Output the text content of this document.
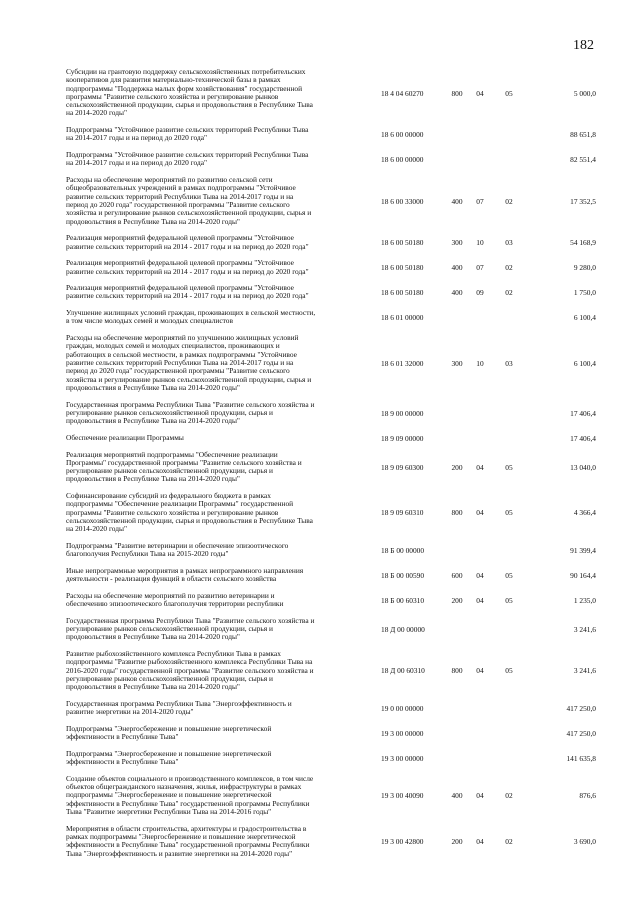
182
Субсидии на грантовую поддержку сельскохозяйственных потребительских
кооперативов для развития материально-технической базы в рамках
подпрограммы "Поддержка малых форм хозяйствования" государственной
программы "Развитие сельского хозяйства и регулирование рынков
сельскохозяйственной продукции, сырья и продовольствия в Республике Тыва
на 2014-2020 годы"
18 4 04 60270	800	04	05	5 000,0
Подпрограмма "Устойчивое развитие сельских территорий Республики Тыва
на 2014-2017 годы и на период до 2020 года"	18 6 00 00000	88 651,8
Подпрограмма "Устойчивое развитие сельских территорий Республики Тыва
на 2014-2017 годы и на период до 2020 года"	18 6 00 00000	82 551,4
Расходы на обеспечение мероприятий по развитию сельской сети
общеобразовательных учреждений в рамках подпрограммы "Устойчивое
развитие сельских территорий Республики Тыва на 2014-2017 годы и на
период до 2020 года" государственной программы "Развитие сельского
хозяйства и регулирование рынков сельскохозяйственной продукции, сырья и
продовольствия в Республике Тыва на 2014-2020 годы"
18 6 00 33000	400	07	02	17 352,5
Реализация мероприятий федеральной целевой программы "Устойчивое
развитие сельских территорий на 2014 - 2017 годы и на период до 2020 года"	18 6 00 50180	300	10	03	54 168,9
Реализация мероприятий федеральной целевой программы "Устойчивое
развитие сельских территорий на 2014 - 2017 годы и на период до 2020 года"	18 6 00 50180	400	07	02	9 280,0
Реализация мероприятий федеральной целевой программы "Устойчивое
развитие сельских территорий на 2014 - 2017 годы и на период до 2020 года"	18 6 00 50180	400	09	02	1 750,0
Улучшение жилищных условий граждан, проживающих в сельской местности,
в том числе молодых семей и молодых специалистов	18 6 01 00000	6 100,4
Расходы на обеспечение мероприятий по улучшению жилищных условий
граждан, молодых семей и молодых специалистов, проживающих и
работающих в сельской местности, в рамках подпрограммы "Устойчивое
развитие сельских территорий Республики Тыва на 2014-2017 годы и на
период до 2020 года" государственной программы "Развитие сельского
хозяйства и регулирование рынков сельскохозяйственной продукции, сырья и
продовольствия в Республике Тыва на 2014-2020 годы"
18 6 01 32000	300	10	03	6 100,4
Государственная программа Республики Тыва "Развитие сельского хозяйства и
регулирование рынков сельскохозяйственной продукции, сырья и
продовольствия в Республике Тыва на 2014-2020 годы"
18 9 00 00000	17 406,4
Обеспечение реализации Программы	18 9 09 00000	17 406,4
Реализация мероприятий подпрограммы "Обеспечение реализации
Программы" государственной программы "Развитие сельского хозяйства и
регулирование рынков сельскохозяйственной продукции, сырья и
продовольствия в Республике Тыва на 2014-2020 годы"
18 9 09 60300	200	04	05	13 040,0
Софинансирование субсидий из федерального бюджета в рамках
подпрограммы "Обеспечение реализации Программы" государственной
программы "Развитие сельского хозяйства и регулирование рынков
сельскохозяйственной продукции, сырья и продовольствия в Республике Тыва
на 2014-2020 годы"
18 9 09 60310	800	04	05	4 366,4
Подпрограмма "Развитие ветеринарии и обеспечение эпизоотического
благополучия Республики Тыва на 2015-2020 годы"	18 Б 00 00000	91 399,4
Иные непрограммные мероприятия в рамках непрограммного направления
деятельности - реализация функций в области сельского хозяйства	18 Б 00 00590	600	04	05	90 164,4
Расходы на обеспечение мероприятий по развитию ветеринарии и
обеспечению эпизоотического благополучия территории республики	18 Б 00 60310	200	04	05	1 235,0
Государственная программа Республики Тыва "Развитие сельского хозяйства и
регулирование рынков сельскохозяйственной продукции, сырья и
продовольствия в Республике Тыва на 2014-2020 годы"
18 Д 00 00000	3 241,6
Развитие рыбохозяйственного комплекса Республики Тыва в рамках
подпрограммы "Развитие рыбохозяйственного комплекса Республики Тыва на
2016-2020 годы" государственной программы "Развитие сельского хозяйства и
регулирование рынков сельскохозяйственной продукции, сырья и
продовольствия в Республике Тыва на 2014-2020 годы"
18 Д 00 60310	800	04	05	3 241,6
Государственная программа Республики Тыва "Энергоэффективность и
развитие энергетики на 2014-2020 годы"	19 0 00 00000	417 250,0
Подпрограмма "Энергосбережение и повышение энергетической
эффективности в Республике Тыва"	19 3 00 00000	417 250,0
Подпрограмма "Энергосбережение и повышение энергетической
эффективности в Республике Тыва"	19 3 00 00000	141 635,8
Создание объектов социального и производственного комплексов, в том числе
объектов общегражданского назначения, жилья, инфраструктуры в рамках
подпрограммы "Энергосбережение и повышение энергетической
эффективности в Республике Тыва" государственной программы Республики
Тыва "Развитие энергетики Республики Тыва на 2014-2016 годы"
19 3 00 40090	400	04	02	876,6
Мероприятия в области строительства, архитектуры и градостроительства в
рамках подпрограммы "Энергосбережение и повышение энергетической
эффективности в Республике Тыва" государственной программы Республики
Тыва "Энергоэффективность и развитие энергетики на 2014-2020 годы"
19 3 00 42800	200	04	02	3 690,0
